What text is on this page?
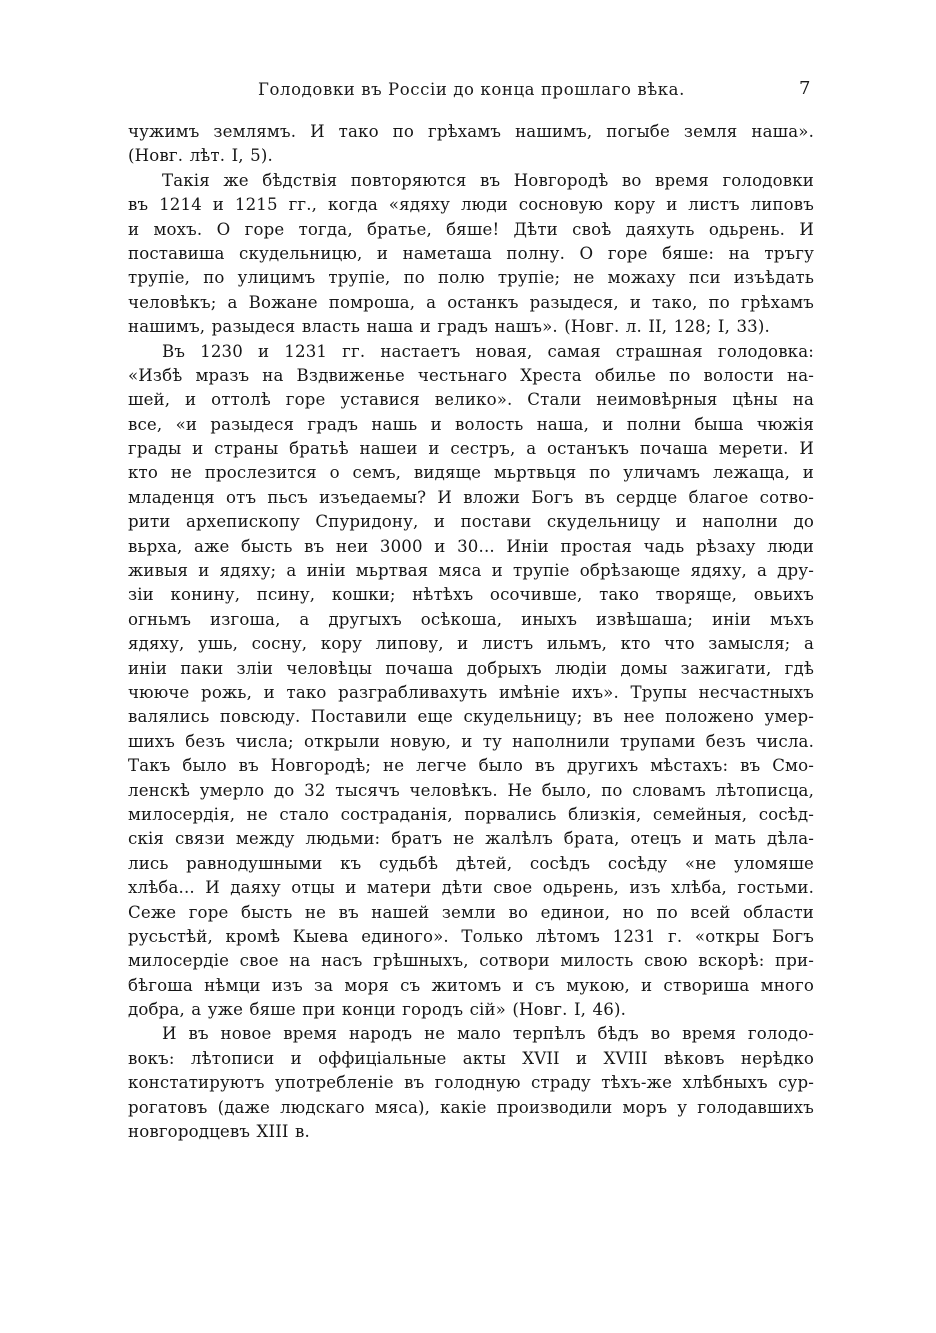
Голодовки въ Россіи до конца прошлаго вѣка.	7
чужимъ землямъ. И тако по грѣхамъ нашимъ, погыбе земля наша».
(Новг. лѣт. I, 5).
Такія же бѣдствія повторяются въ Новгородѣ во время голодовки
въ 1214 и 1215 гг., когда «ядяху люди сосновую кору и листъ липовъ
и мохъ. О горе тогда, братье, бяше! Дѣти своѣ даяхуть одьрень. И
поставиша скудельницю, и наметаша полну. О горе бяше: на тръгу
трупіе, по улицимъ трупіе, по полю трупіе; не можаху пси изъѣдать
человѣкъ; а Вожане помроша, а останкъ разыдеся, и тако, по грѣхамъ
нашимъ, разыдеся власть наша и градъ нашъ». (Новг. л. II, 128; I, 33).
Въ 1230 и 1231 гг. настаетъ новая, самая страшная голодовка:
«Избѣ мразъ на Вздвиженье честьнаго Хреста обилье по волости на-
шей, и оттолѣ горе уставися велико». Стали неимовѣрныя цѣны на
все, «и разыдеся градъ нашь и волость наша, и полни быша чюжія
грады и страны братьѣ нашеи и сестръ, а останъкъ почаша мерети. И
кто не прослезится о семъ, видяще мьртвьця по уличамъ лежаща, и
младенця отъ пьсъ изъедаемы? И вложи Богъ въ сердце благое сотво-
рити архепископу Спуридону, и постави скудельницу и наполни до
вьрха, аже бысть въ неи 3000 и 30... Инiи простая чадь рѣзаху люди
живыя и ядяху; а инiи мьртвая мяса и трупіе обрѣзающе ядяху, а дру-
зіи конину, псину, кошки; нѣтѣхъ осочивше, тако творяще, овьихъ
огньмъ изгоша, а другыхъ осѣкоша, иныхъ извѣшаша; инiи мъхъ
ядяху, ушь, сосну, кору липову, и листъ ильмъ, кто что замысля; а
инiи паки зліи человѣцы почаша добрыхъ людiи домы зажигати, гдѣ
чююче рожь, и тако разграбливахуть имѣніе ихъ». Трупы несчастныхъ
валялись повсюду. Поставили еще скудельницу; въ нее положено умер-
шихъ безъ числа; открыли новую, и ту наполнили трупами безъ числа.
Такъ было въ Новгородѣ; не легче было въ другихъ мѣстахъ: въ Смо-
ленскѣ умерло до 32 тысячъ человѣкъ. Не было, по словамъ лѣтописца,
милосердія, не стало состраданія, порвались близкія, семейныя, сосѣд-
скія связи между людьми: братъ не жалѣлъ брата, отецъ и мать дѣла-
лись равнодушными къ судьбѣ дѣтей, сосѣдъ сосѣду «не уломяше
хлѣба... И даяху отцы и матери дѣти свое одьрень, изъ хлѣба, гостьми.
Сеже горе бысть не въ нашей земли во единои, но по всей области
русьстѣй, кромѣ Кыева единого». Только лѣтомъ 1231 г. «откры Богъ
милосердіе свое на насъ грѣшныхъ, сотвори милость свою вскорѣ: при-
бѣгоша нѣмци изъ за моря съ житомъ и съ мукою, и створиша много
добра, а уже бяше при конци городъ сій» (Новг. I, 46).
И въ новое время народъ не мало терпѣлъ бѣдъ во время голодо-
вокъ: лѣтописи и оффиціальные акты XVII и XVIII вѣковъ нерѣдко
констатируютъ употребленіе въ голодную страду тѣхъ-же хлѣбныхъ сур-
рогатовъ (даже людскаго мяса), какіе производили моръ у голодавшихъ
новгородцевъ XIII в.
